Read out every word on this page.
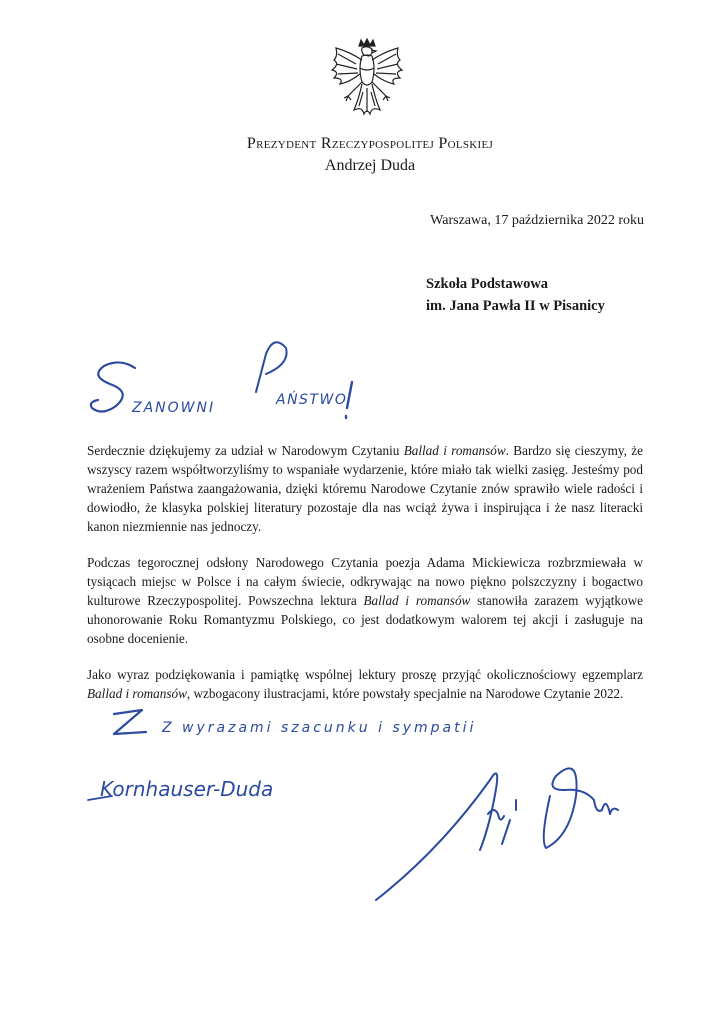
Prezydent Rzeczypospolitej Polskiej
Andrzej Duda
Warszawa, 17 października 2022 roku
Szkoła Podstawowa
im. Jana Pawła II w Pisanicy
ZANOWNI	AŃSTWO

Serdecznie dziękujemy za udział w Narodowym Czytaniu Ballad i romansów. Bardzo się cieszymy, że wszyscy razem współtworzyliśmy to wspaniałe wydarzenie, które miało tak wielki zasięg. Jesteśmy pod wrażeniem Państwa zaangażowania, dzięki któremu Narodowe Czytanie znów sprawiło wiele radości i dowiodło, że klasyka polskiej literatury pozostaje dla nas wciąż żywa i inspirująca i że nasz literacki kanon niezmiennie nas jednoczy.

Podczas tegorocznej odsłony Narodowego Czytania poezja Adama Mickiewicza rozbrzmiewała w tysiącach miejsc w Polsce i na całym świecie, odkrywając na nowo piękno polszczyzny i bogactwo kulturowe Rzeczypospolitej. Powszechna lektura Ballad i romansów stanowiła zarazem wyjątkowe uhonorowanie Roku Romantyzmu Polskiego, co jest dodatkowym walorem tej akcji i zasługuje na osobne docenienie.

Jako wyraz podziękowania i pamiątkę wspólnej lektury proszę przyjąć okolicznościowy egzemplarz Ballad i romansów, wzbogacony ilustracjami, które powstały specjalnie na Narodowe Czytanie 2022.

Z wyrazami szacunku i sympatii
Kornhauser-Duda
